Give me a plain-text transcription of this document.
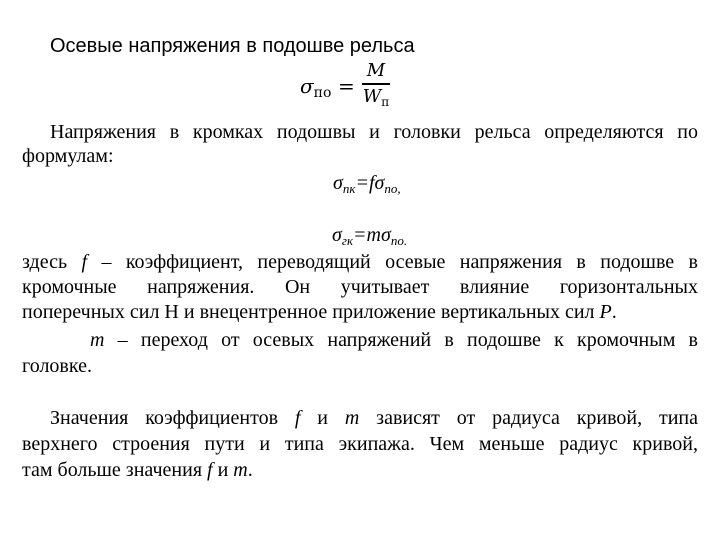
Осевые напряжения в подошве рельса
$\sigma_{по}$ =
M
$W_п$
Напряжения в кромках подошвы и головки рельса определяются по
формулам:
$\sigma_{пк}=f\sigma_{по,}$
$\sigma_{гк}=m\sigma_{по.}$
здесь f – коэффициент, переводящий осевые напряжения в подошве в
кромочные напряжения. Он учитывает влияние горизонтальных
поперечных сил Н и внецентренное приложение вертикальных сил P.
m – переход от осевых напряжений в подошве к кромочным в
головке.
Значения коэффициентов f и m зависят от радиуса кривой, типа
верхнего строения пути и типа экипажа. Чем меньше радиус кривой,
там больше значения f и m.
